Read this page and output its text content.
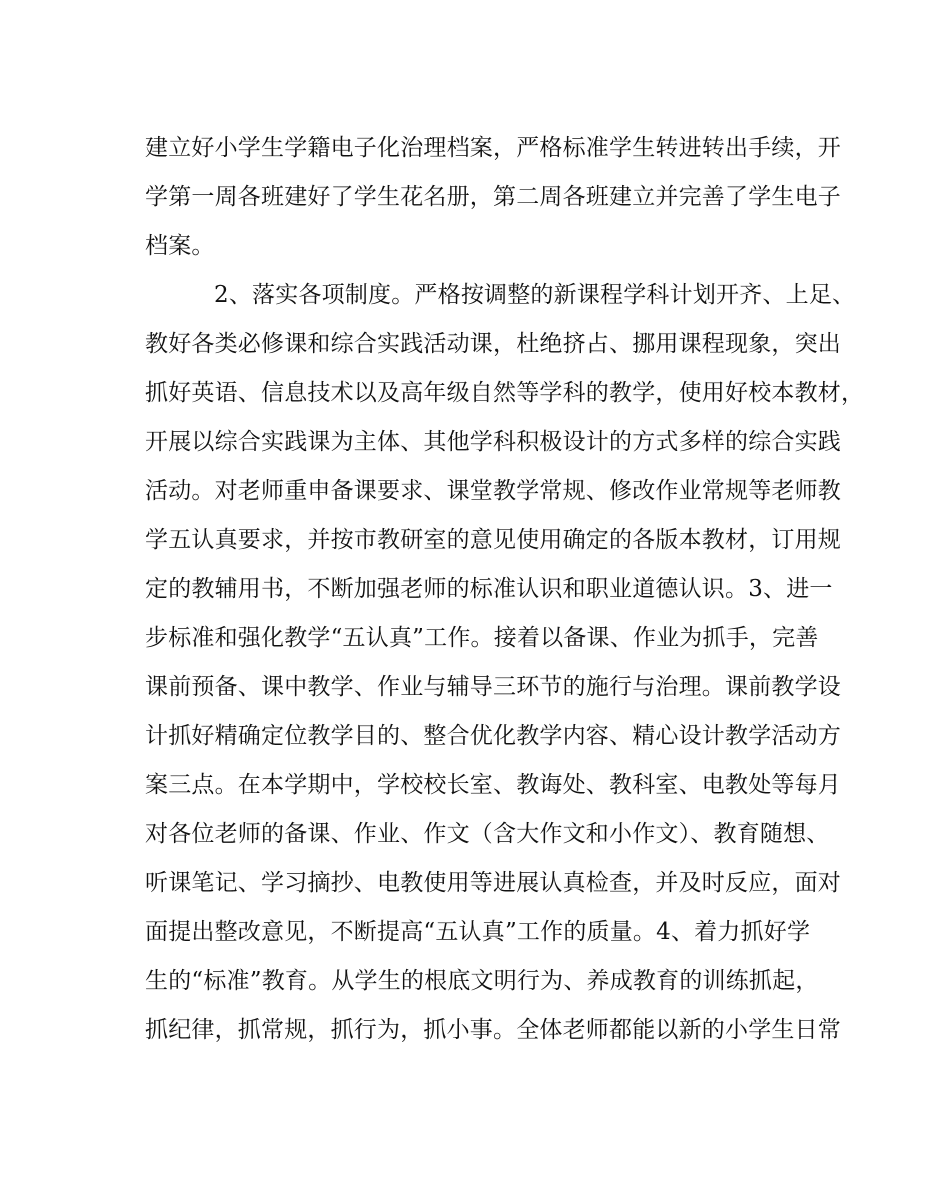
建立好小学生学籍电子化治理档案，严格标准学生转进转出手续，开
学第一周各班建好了学生花名册，第二周各班建立并完善了学生电子
档案。
2、落实各项制度。严格按调整的新课程学科计划开齐、上足、
教好各类必修课和综合实践活动课，杜绝挤占、挪用课程现象，突出
抓好英语、信息技术以及高年级自然等学科的教学，使用好校本教材，
开展以综合实践课为主体、其他学科积极设计的方式多样的综合实践
活动。对老师重申备课要求、课堂教学常规、修改作业常规等老师教
学五认真要求，并按市教研室的意见使用确定的各版本教材，订用规
定的教辅用书，不断加强老师的标准认识和职业道德认识。3、进一
步标准和强化教学“五认真”工作。接着以备课、作业为抓手，完善
课前预备、课中教学、作业与辅导三环节的施行与治理。课前教学设
计抓好精确定位教学目的、整合优化教学内容、精心设计教学活动方
案三点。在本学期中，学校校长室、教诲处、教科室、电教处等每月
对各位老师的备课、作业、作文（含大作文和小作文）、教育随想、
听课笔记、学习摘抄、电教使用等进展认真检查，并及时反应，面对
面提出整改意见，不断提高“五认真”工作的质量。4、着力抓好学
生的“标准”教育。从学生的根底文明行为、养成教育的训练抓起，
抓纪律，抓常规，抓行为，抓小事。全体老师都能以新的小学生日常
